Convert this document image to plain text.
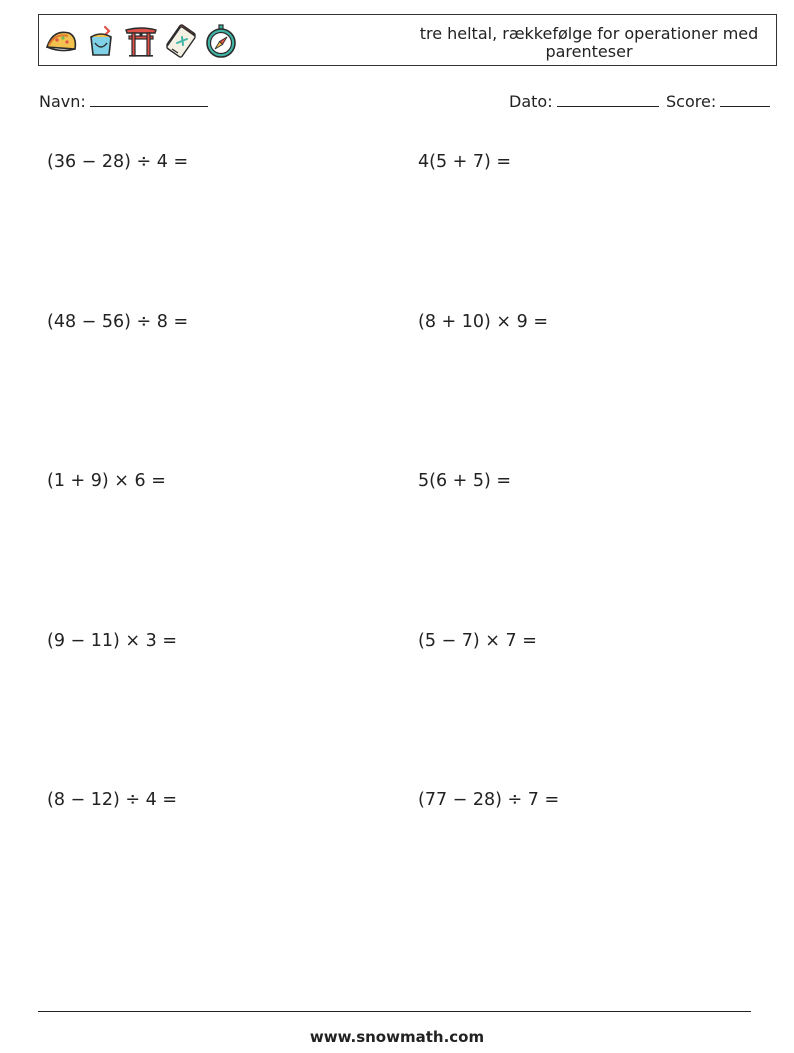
tre heltal, rækkefølge for operationer med parenteser
Navn:	Dato:	Score:
(36 − 28) ÷ 4 =	4(5 + 7) =
(48 − 56) ÷ 8 =	(8 + 10) × 9 =
(1 + 9) × 6 =	5(6 + 5) =
(9 − 11) × 3 =	(5 − 7) × 7 =
(8 − 12) ÷ 4 =	(77 − 28) ÷ 7 =
www.snowmath.com
